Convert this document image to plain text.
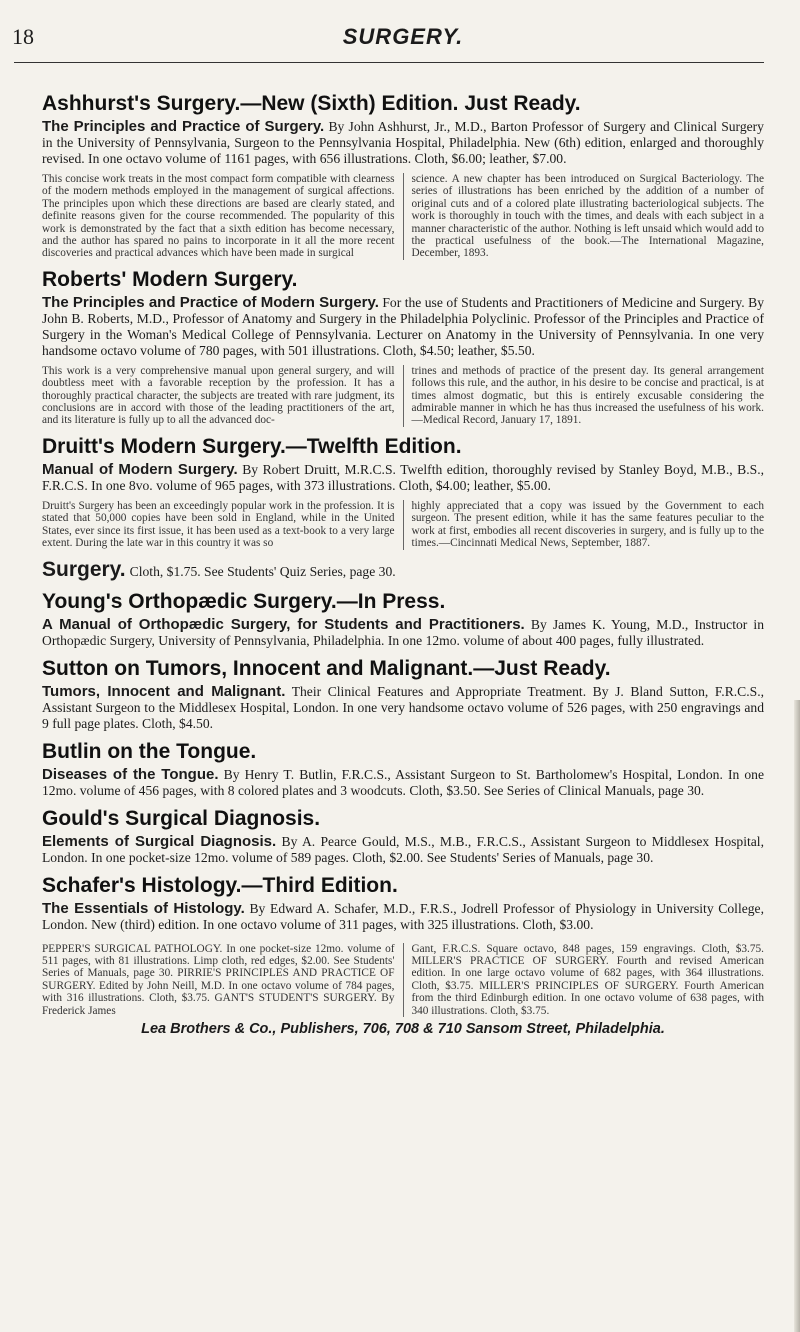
18	SURGERY.
Ashhurst's Surgery.—New (Sixth) Edition. Just Ready.

The Principles and Practice of Surgery. By John Ashhurst, Jr., M.D., Barton Professor of Surgery and Clinical Surgery in the University of Pennsylvania, Surgeon to the Pennsylvania Hospital, Philadelphia. New (6th) edition, enlarged and thoroughly revised. In one octavo volume of 1161 pages, with 656 illustrations. Cloth, $6.00; leather, $7.00.

This concise work treats in the most compact form compatible with clearness of the modern methods employed in the management of surgical affections. The principles upon which these directions are based are clearly stated, and definite reasons given for the course recommended. The popularity of this work is demonstrated by the fact that a sixth edition has become necessary, and the author has spared no pains to incorporate in it all the more recent discoveries and practical advances which have been made in surgical
science. A new chapter has been introduced on Surgical Bacteriology. The series of illustrations has been enriched by the addition of a number of original cuts and of a colored plate illustrating bacteriological subjects. The work is thoroughly in touch with the times, and deals with each subject in a manner characteristic of the author. Nothing is left unsaid which would add to the practical usefulness of the book.—The International Magazine, December, 1893.
Roberts' Modern Surgery.

The Principles and Practice of Modern Surgery. For the use of Students and Practitioners of Medicine and Surgery. By John B. Roberts, M.D., Professor of Anatomy and Surgery in the Philadelphia Polyclinic. Professor of the Principles and Practice of Surgery in the Woman's Medical College of Pennsylvania. Lecturer on Anatomy in the University of Pennsylvania. In one very handsome octavo volume of 780 pages, with 501 illustrations. Cloth, $4.50; leather, $5.50.

This work is a very comprehensive manual upon general surgery, and will doubtless meet with a favorable reception by the profession. It has a thoroughly practical character, the subjects are treated with rare judgment, its conclusions are in accord with those of the leading practitioners of the art, and its literature is fully up to all the advanced doc-
trines and methods of practice of the present day. Its general arrangement follows this rule, and the author, in his desire to be concise and practical, is at times almost dogmatic, but this is entirely excusable considering the admirable manner in which he has thus increased the usefulness of his work.—Medical Record, January 17, 1891.
Druitt's Modern Surgery.—Twelfth Edition.

Manual of Modern Surgery. By Robert Druitt, M.R.C.S. Twelfth edition, thoroughly revised by Stanley Boyd, M.B., B.S., F.R.C.S. In one 8vo. volume of 965 pages, with 373 illustrations. Cloth, $4.00; leather, $5.00.

Druitt's Surgery has been an exceedingly popular work in the profession. It is stated that 50,000 copies have been sold in England, while in the United States, ever since its first issue, it has been used as a text-book to a very large extent. During the late war in this country it was so
highly appreciated that a copy was issued by the Government to each surgeon. The present edition, while it has the same features peculiar to the work at first, embodies all recent discoveries in surgery, and is fully up to the times.—Cincinnati Medical News, September, 1887.
Surgery. Cloth, $1.75. See Students' Quiz Series, page 30.
Young's Orthopædic Surgery.—In Press.

A Manual of Orthopædic Surgery, for Students and Practitioners. By James K. Young, M.D., Instructor in Orthopædic Surgery, University of Pennsylvania, Philadelphia. In one 12mo. volume of about 400 pages, fully illustrated.

Sutton on Tumors, Innocent and Malignant.—Just Ready.

Tumors, Innocent and Malignant. Their Clinical Features and Appropriate Treatment. By J. Bland Sutton, F.R.C.S., Assistant Surgeon to the Middlesex Hospital, London. In one very handsome octavo volume of 526 pages, with 250 engravings and 9 full page plates. Cloth, $4.50.

Butlin on the Tongue.

Diseases of the Tongue. By Henry T. Butlin, F.R.C.S., Assistant Surgeon to St. Bartholomew's Hospital, London. In one 12mo. volume of 456 pages, with 8 colored plates and 3 woodcuts. Cloth, $3.50. See Series of Clinical Manuals, page 30.

Gould's Surgical Diagnosis.

Elements of Surgical Diagnosis. By A. Pearce Gould, M.S., M.B., F.R.C.S., Assistant Surgeon to Middlesex Hospital, London. In one pocket-size 12mo. volume of 589 pages. Cloth, $2.00. See Students' Series of Manuals, page 30.

Schafer's Histology.—Third Edition.

The Essentials of Histology. By Edward A. Schafer, M.D., F.R.S., Jodrell Professor of Physiology in University College, London. New (third) edition. In one octavo volume of 311 pages, with 325 illustrations. Cloth, $3.00.

PEPPER'S SURGICAL PATHOLOGY. In one pocket-size 12mo. volume of 511 pages, with 81 illustrations. Limp cloth, red edges, $2.00. See Students' Series of Manuals, page 30. PIRRIE'S PRINCIPLES AND PRACTICE OF SURGERY. Edited by John Neill, M.D. In one octavo volume of 784 pages, with 316 illustrations. Cloth, $3.75. GANT'S STUDENT'S SURGERY. By Frederick James
Gant, F.R.C.S. Square octavo, 848 pages, 159 engravings. Cloth, $3.75. MILLER'S PRACTICE OF SURGERY. Fourth and revised American edition. In one large octavo volume of 682 pages, with 364 illustrations. Cloth, $3.75. MILLER'S PRINCIPLES OF SURGERY. Fourth American from the third Edinburgh edition. In one octavo volume of 638 pages, with 340 illustrations. Cloth, $3.75.
Lea Brothers & Co., Publishers, 706, 708 & 710 Sansom Street, Philadelphia.
